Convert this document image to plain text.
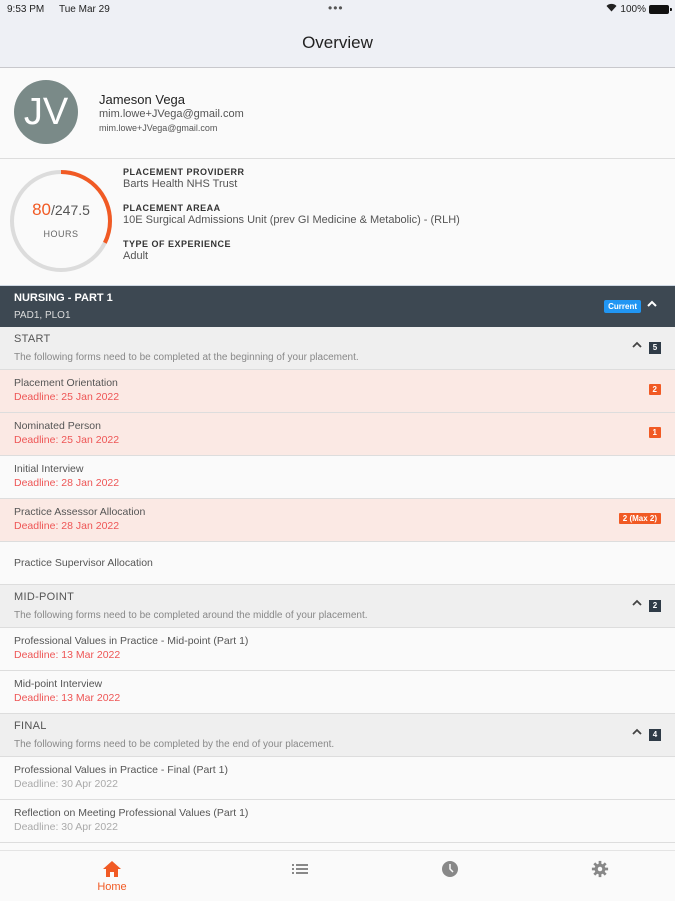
9:53 PM Tue Mar 29	•••	100%
Overview
JV	Jameson Vega
mim.lowe+JVega@gmail.com
mim.lowe+JVega@gmail.com
80/247.5
HOURS
PLACEMENT PROVIDERR
Barts Health NHS Trust
PLACEMENT AREAA
10E Surgical Admissions Unit (prev GI Medicine & Metabolic) - (RLH)
TYPE OF EXPERIENCE
Adult
NURSING - PART 1
PAD1, PLO1
Current
START
The following forms need to be completed at the beginning of your placement.
5
Placement Orientation
Deadline: 25 Jan 2022
2
Nominated Person
Deadline: 25 Jan 2022
1
Initial Interview
Deadline: 28 Jan 2022
Practice Assessor Allocation
Deadline: 28 Jan 2022
2 (Max 2)
Practice Supervisor Allocation
MID-POINT
The following forms need to be completed around the middle of your placement.
2
Professional Values in Practice - Mid-point (Part 1)
Deadline: 13 Mar 2022
Mid-point Interview
Deadline: 13 Mar 2022
FINAL
The following forms need to be completed by the end of your placement.
4
Professional Values in Practice - Final (Part 1)
Deadline: 30 Apr 2022
Reflection on Meeting Professional Values (Part 1)
Deadline: 30 Apr 2022
Home
